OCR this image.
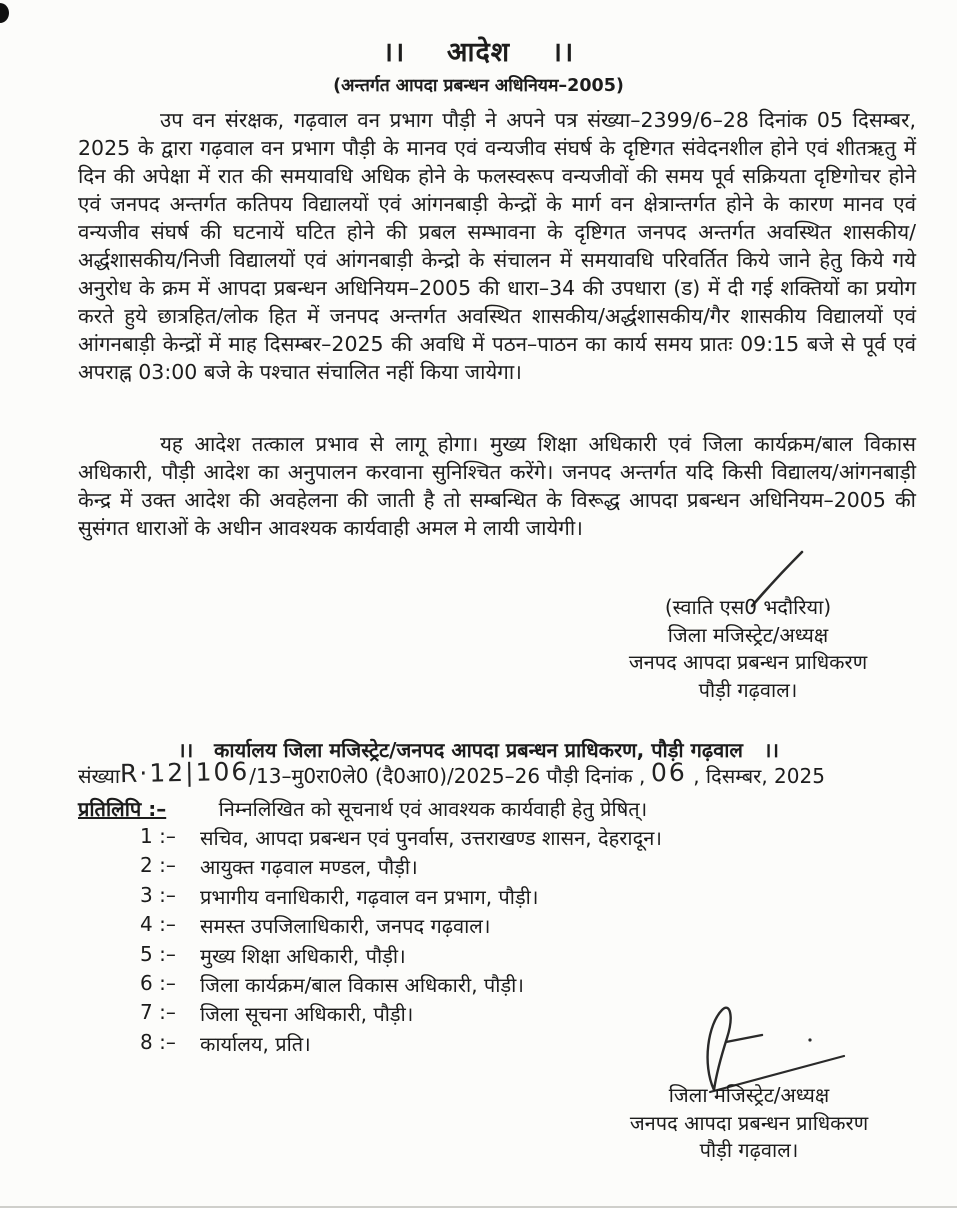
।।    आदेश    ।।
(अन्तर्गत आपदा प्रबन्धन अधिनियम–2005)
उप वन संरक्षक, गढ़वाल वन प्रभाग पौड़ी ने अपने पत्र संख्या–2399/6–28 दिनांक 05 दिसम्बर, 2025 के द्वारा गढ़वाल वन प्रभाग पौड़ी के मानव एवं वन्यजीव संघर्ष के दृष्टिगत संवेदनशील होने एवं शीतऋतु में दिन की अपेक्षा में रात की समयावधि अधिक होने के फलस्वरूप वन्यजीवों की समय पूर्व सक्रियता दृष्टिगोचर होने एवं जनपद अन्तर्गत कतिपय विद्यालयों एवं आंगनबाड़ी केन्द्रों के मार्ग वन क्षेत्रान्तर्गत होने के कारण मानव एवं वन्यजीव संघर्ष की घटनायें घटित होने की प्रबल सम्भावना के दृष्टिगत जनपद अन्तर्गत अवस्थित शासकीय/अर्द्धशासकीय/निजी विद्यालयों एवं आंगनबाड़ी केन्द्रो के संचालन में समयावधि परिवर्तित किये जाने हेतु किये गये अनुरोध के क्रम में आपदा प्रबन्धन अधिनियम–2005 की धारा–34 की उपधारा (ड) में दी गई शक्तियों का प्रयोग करते हुये छात्रहित/लोक हित में जनपद अन्तर्गत अवस्थित शासकीय/अर्द्धशासकीय/गैर शासकीय विद्यालयों एवं आंगनबाड़ी केन्द्रों में माह दिसम्बर–2025 की अवधि में पठन–पाठन का कार्य समय प्रातः 09:15 बजे से पूर्व एवं अपराह्न 03:00 बजे के पश्चात संचालित नहीं किया जायेगा।
यह आदेश तत्काल प्रभाव से लागू होगा। मुख्य शिक्षा अधिकारी एवं जिला कार्यक्रम/बाल विकास अधिकारी, पौड़ी आदेश का अनुपालन करवाना सुनिश्चित करेंगे। जनपद अन्तर्गत यदि किसी विद्यालय/आंगनबाड़ी केन्द्र में उक्त आदेश की अवहेलना की जाती है तो सम्बन्धित के विरूद्ध आपदा प्रबन्धन अधिनियम–2005 की सुसंगत धाराओं के अधीन आवश्यक कार्यवाही अमल मे लायी जायेगी।
(स्वाति एस0 भदौरिया)
जिला मजिस्ट्रेट/अध्यक्ष
जनपद आपदा प्रबन्धन प्राधिकरण
पौड़ी गढ़वाल।
।।   कार्यालय जिला मजिस्ट्रेट/जनपद आपदा प्रबन्धन प्राधिकरण, पौड़ी गढ़वाल   ।।
संख्याR·12|106/13–मु0रा0ले0 (दै0आ0)/2025–26 पौड़ी दिनांक , 06 , दिसम्बर, 2025
प्रतिलिपि :–	निम्नलिखित को सूचनार्थ एवं आवश्यक कार्यवाही हेतु प्रेषित्।
1 :–	सचिव, आपदा प्रबन्धन एवं पुनर्वास, उत्तराखण्ड शासन, देहरादून।
2 :–	आयुक्त गढ़वाल मण्डल, पौड़ी।
3 :–	प्रभागीय वनाधिकारी, गढ़वाल वन प्रभाग, पौड़ी।
4 :–	समस्त उपजिलाधिकारी, जनपद गढ़वाल।
5 :–	मुख्य शिक्षा अधिकारी, पौड़ी।
6 :–	जिला कार्यक्रम/बाल विकास अधिकारी, पौड़ी।
7 :–	जिला सूचना अधिकारी, पौड़ी।
8 :–	कार्यालय, प्रति।
जिला मजिस्ट्रेट/अध्यक्ष
जनपद आपदा प्रबन्धन प्राधिकरण
पौड़ी गढ़वाल।
